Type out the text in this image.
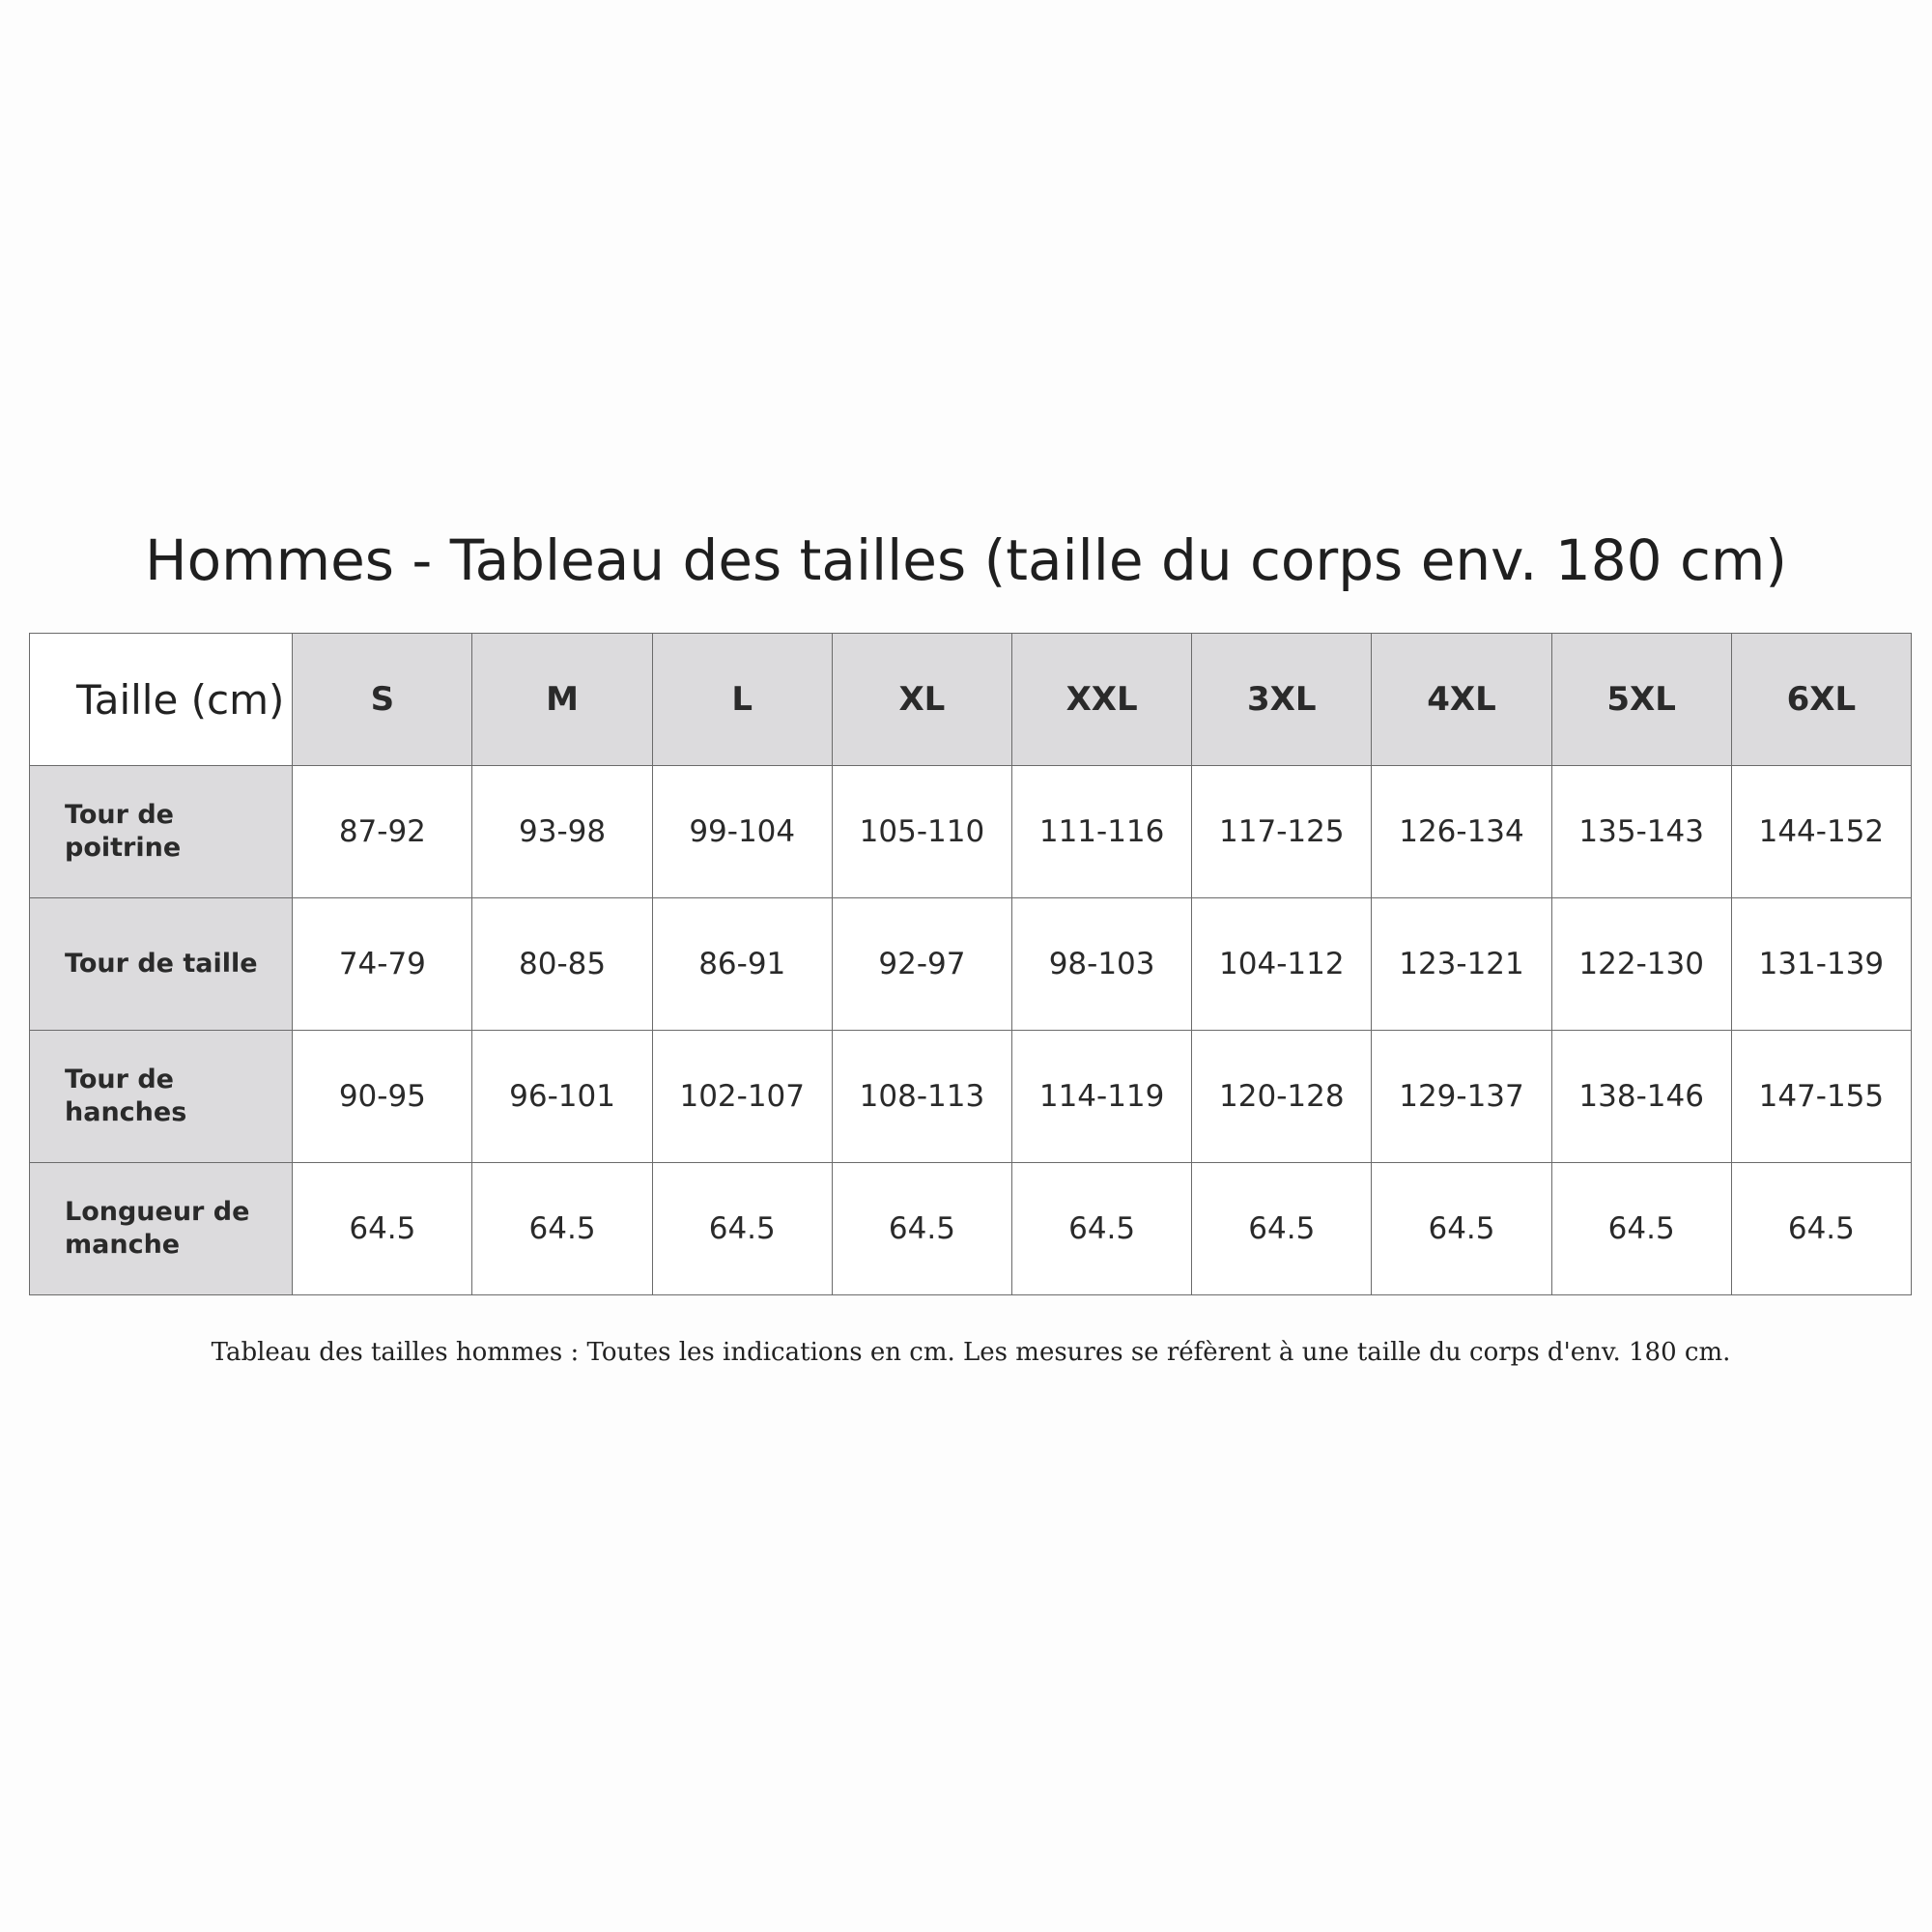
Hommes - Tableau des tailles (taille du corps env. 180 cm)
Taille (cm)	S	M	L	XL	XXL	3XL	4XL	5XL	6XL
Tour de poitrine	87-92	93-98	99-104	105-110	111-116	117-125	126-134	135-143	144-152
Tour de taille	74-79	80-85	86-91	92-97	98-103	104-112	123-121	122-130	131-139
Tour de hanches	90-95	96-101	102-107	108-113	114-119	120-128	129-137	138-146	147-155
Longueur de manche	64.5	64.5	64.5	64.5	64.5	64.5	64.5	64.5	64.5

Tableau des tailles hommes : Toutes les indications en cm. Les mesures se réfèrent à une taille du corps d'env. 180 cm.
